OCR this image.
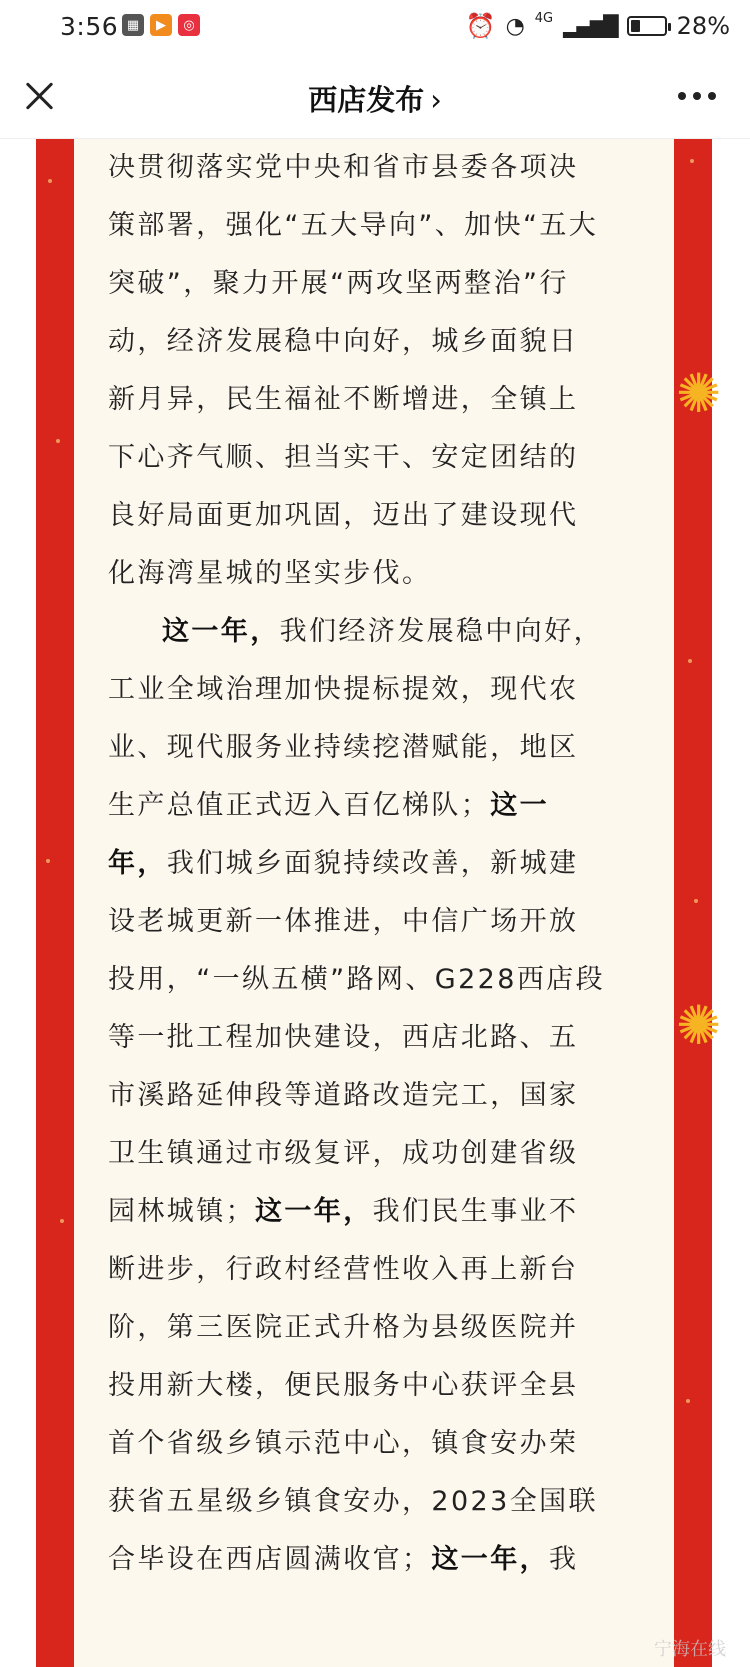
3:56 ▦	▶	◎	⏰ ◔ 4G ▂▄▆█ ⚡ 28%
西店发布 ›
✺
✺

决贯彻落实党中央和省市县委各项决
策部署，强化“五大导向”、加快“五大
突破”，聚力开展“两攻坚两整治”行
动，经济发展稳中向好，城乡面貌日
新月异，民生福祉不断增进，全镇上
下心齐气顺、担当实干、安定团结的
良好局面更加巩固，迈出了建设现代
化海湾星城的坚实步伐。

这一年，我们经济发展稳中向好，
工业全域治理加快提标提效，现代农
业、现代服务业持续挖潜赋能，地区
生产总值正式迈入百亿梯队；这一
年，我们城乡面貌持续改善，新城建
设老城更新一体推进，中信广场开放
投用，“一纵五横”路网、G228西店段
等一批工程加快建设，西店北路、五
市溪路延伸段等道路改造完工，国家
卫生镇通过市级复评，成功创建省级
园林城镇；这一年，我们民生事业不
断进步，行政村经营性收入再上新台
阶，第三医院正式升格为县级医院并
投用新大楼，便民服务中心获评全县
首个省级乡镇示范中心，镇食安办荣
获省五星级乡镇食安办，2023全国联
合毕设在西店圆满收官；这一年，我

宁海在线
